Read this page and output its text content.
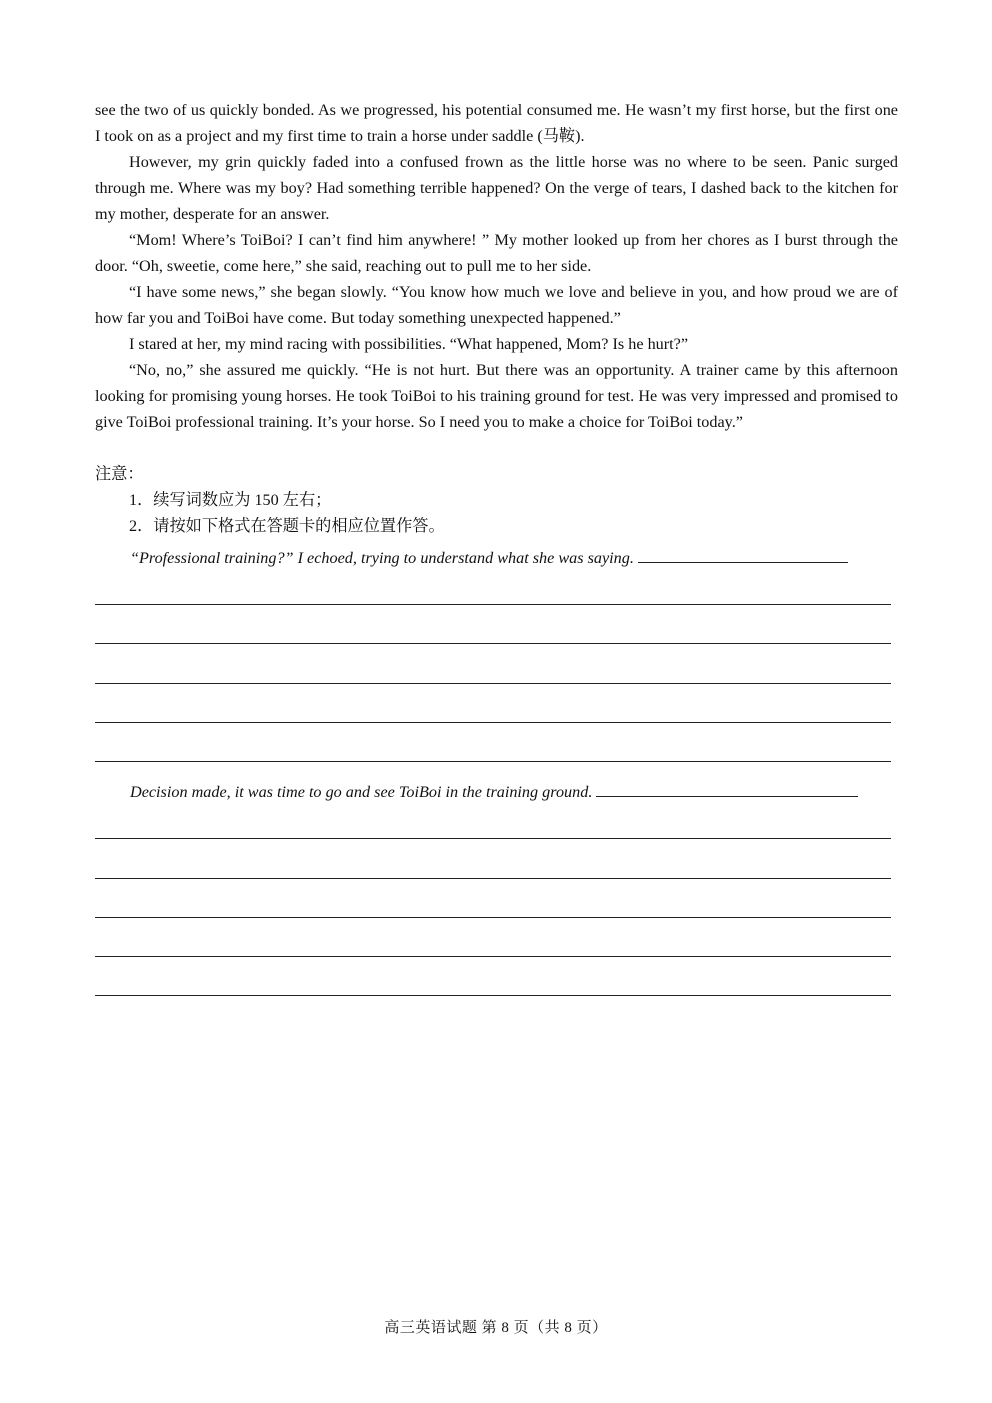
see the two of us quickly bonded. As we progressed, his potential consumed me. He wasn’t my first horse, but the first one I took on as a project and my first time to train a horse under saddle (马鞍).

However, my grin quickly faded into a confused frown as the little horse was no where to be seen. Panic surged through me. Where was my boy? Had something terrible happened? On the verge of tears, I dashed back to the kitchen for my mother, desperate for an answer.

“Mom! Where’s ToiBoi? I can’t find him anywhere! ” My mother looked up from her chores as I burst through the door. “Oh, sweetie, come here,” she said, reaching out to pull me to her side.

“I have some news,” she began slowly. “You know how much we love and believe in you, and how proud we are of how far you and ToiBoi have come. But today something unexpected happened.”

I stared at her, my mind racing with possibilities. “What happened, Mom? Is he hurt?”

“No, no,” she assured me quickly. “He is not hurt. But there was an opportunity. A trainer came by this afternoon looking for promising young horses. He took ToiBoi to his training ground for test. He was very impressed and promised to give ToiBoi professional training. It’s your horse. So I need you to make a choice for ToiBoi today.”

注意：
1．续写词数应为 150 左右；
2．请按如下格式在答题卡的相应位置作答。
“Professional training?” I echoed, trying to understand what she was saying.
Decision made, it was time to go and see ToiBoi in the training ground.
高三英语试题 第 8 页（共 8 页）
